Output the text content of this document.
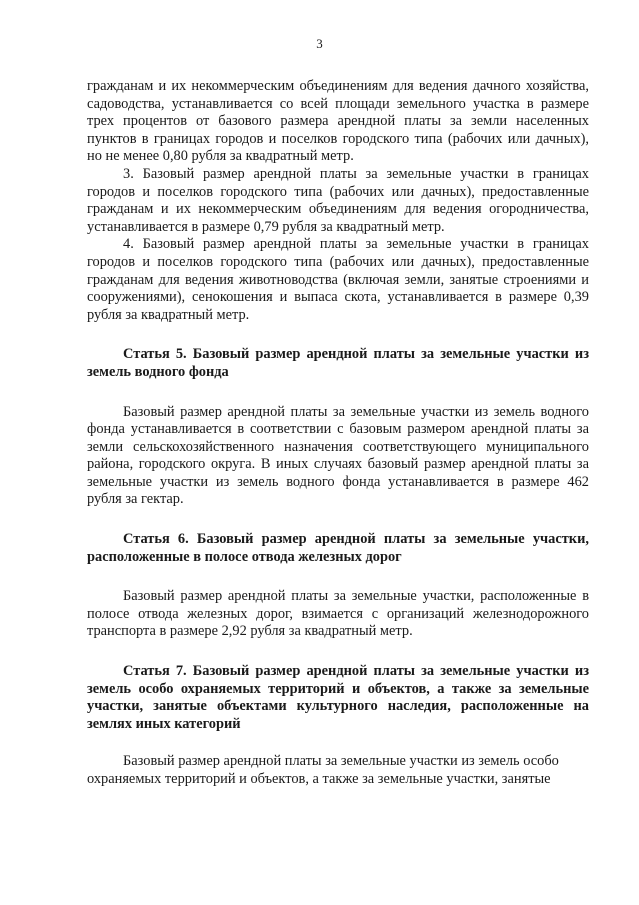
3

гражданам и их некоммерческим объединениям для ведения дачного хозяйства, садоводства, устанавливается со всей площади земельного участка в размере трех процентов от базового размера арендной платы за земли населенных пунктов в границах городов и поселков городского типа (рабочих или дачных), но не менее 0,80 рубля за квадратный метр.

3. Базовый размер арендной платы за земельные участки в границах городов и поселков городского типа (рабочих или дачных), предоставленные гражданам и их некоммерческим объединениям для ведения огородничества, устанавливается в размере 0,79 рубля за квадратный метр.

4. Базовый размер арендной платы за земельные участки в границах городов и поселков городского типа (рабочих или дачных), предоставленные гражданам для ведения животноводства (включая земли, занятые строениями и сооружениями), сенокошения и выпаса скота, устанавливается в размере 0,39 рубля за квадратный метр.

Статья 5. Базовый размер арендной платы за земельные участки из земель водного фонда

Базовый размер арендной платы за земельные участки из земель водного фонда устанавливается в соответствии с базовым размером арендной платы за земли сельскохозяйственного назначения соответствующего муниципального района, городского округа. В иных случаях базовый размер арендной платы за земельные участки из земель водного фонда устанавливается в размере 462 рубля за гектар.

Статья 6. Базовый размер арендной платы за земельные участки, расположенные в полосе отвода железных дорог

Базовый размер арендной платы за земельные участки, расположенные в полосе отвода железных дорог, взимается с организаций железнодорожного транспорта в размере 2,92 рубля за квадратный метр.

Статья 7. Базовый размер арендной платы за земельные участки из земель особо охраняемых территорий и объектов, а также за земельные участки, занятые объектами культурного наследия, расположенные на землях иных категорий

Базовый размер арендной платы за земельные участки из земель особо охраняемых территорий и объектов, а также за земельные участки, занятые
